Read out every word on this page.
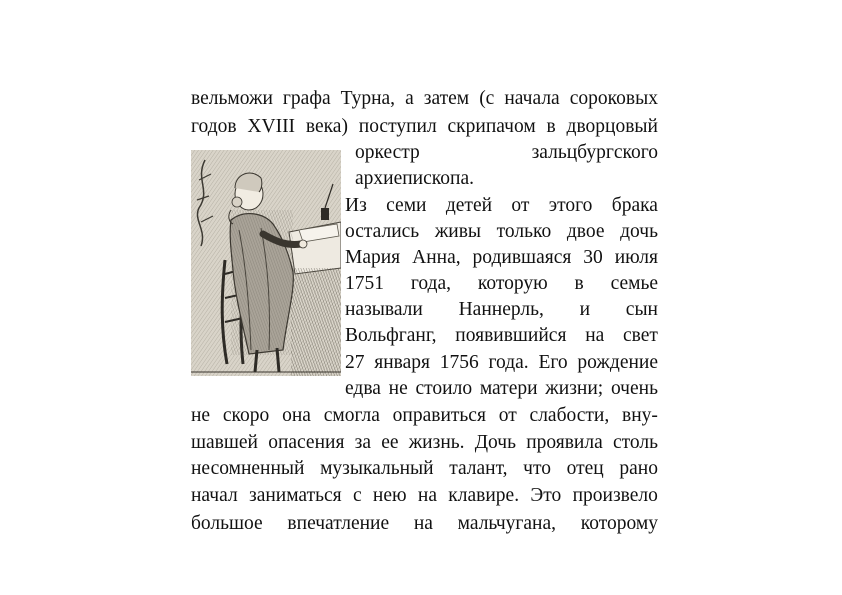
вельможи графа Турна, а затем (с начала сороковых
годов XVIII века) поступил скрипачом в дворцовый
оркестр	зальцбургского
архиепископа.
Из семи детей от этого брака
остались живы только двое дочь
Мария Анна, родившаяся 30 июля
1751 года, которую в семье
называли Наннерль, и сын
Вольфганг, появившийся на свет
27 января 1756 года. Его рождение
едва не стоило матери жизни; очень
не скоро она смогла оправиться от слабости, вну-
шавшей опасения за ее жизнь. Дочь проявила столь
несомненный музыкальный талант, что отец рано
начал заниматься с нею на клавире. Это произвело
большое впечатление на мальчугана, которому
